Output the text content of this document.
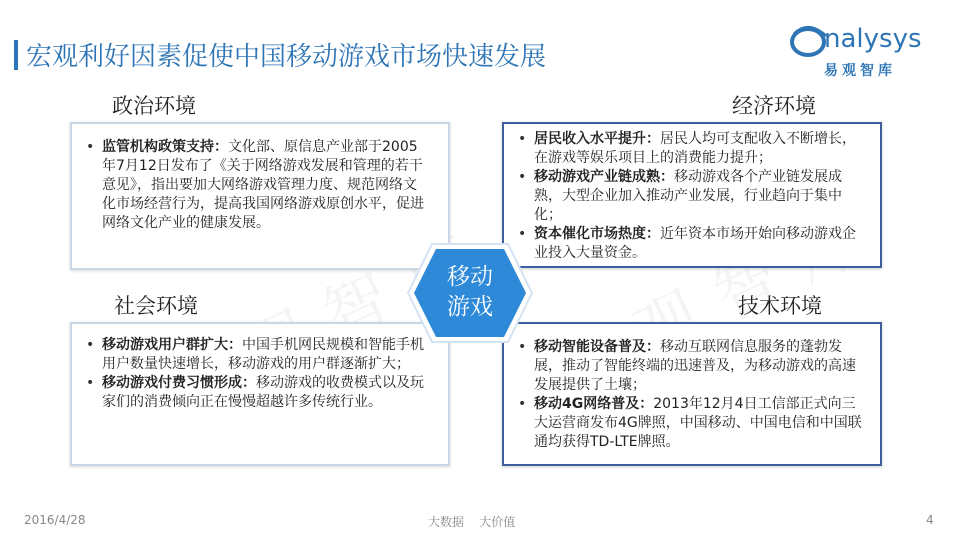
宏观利好因素促使中国移动游戏市场快速发展
nalysys
易观智库
政治环境
• 监管机构政策支持：文化部、原信息产业部于2005年7月12日发布了《关于网络游戏发展和管理的若干意见》，指出要加大网络游戏管理力度、规范网络文化市场经营行为，提高我国网络游戏原创水平，促进网络文化产业的健康发展。
经济环境
• 居民收入水平提升：居民人均可支配收入不断增长，在游戏等娱乐项目上的消费能力提升；
• 移动游戏产业链成熟：移动游戏各个产业链发展成熟，大型企业加入推动产业发展，行业趋向于集中化；
• 资本催化市场热度：近年资本市场开始向移动游戏企业投入大量资金。
社会环境
• 移动游戏用户群扩大：中国手机网民规模和智能手机用户数量快速增长，移动游戏的用户群逐渐扩大；
• 移动游戏付费习惯形成：移动游戏的收费模式以及玩家们的消费倾向正在慢慢超越许多传统行业。
技术环境
• 移动智能设备普及：移动互联网信息服务的蓬勃发展，推动了智能终端的迅速普及，为移动游戏的高速发展提供了土壤；
• 移动4G网络普及：2013年12月4日工信部正式向三大运营商发布4G牌照，中国移动、中国电信和中国联通均获得TD-LTE牌照。
移动
游戏
2016/4/28	大数据    大价值	4
